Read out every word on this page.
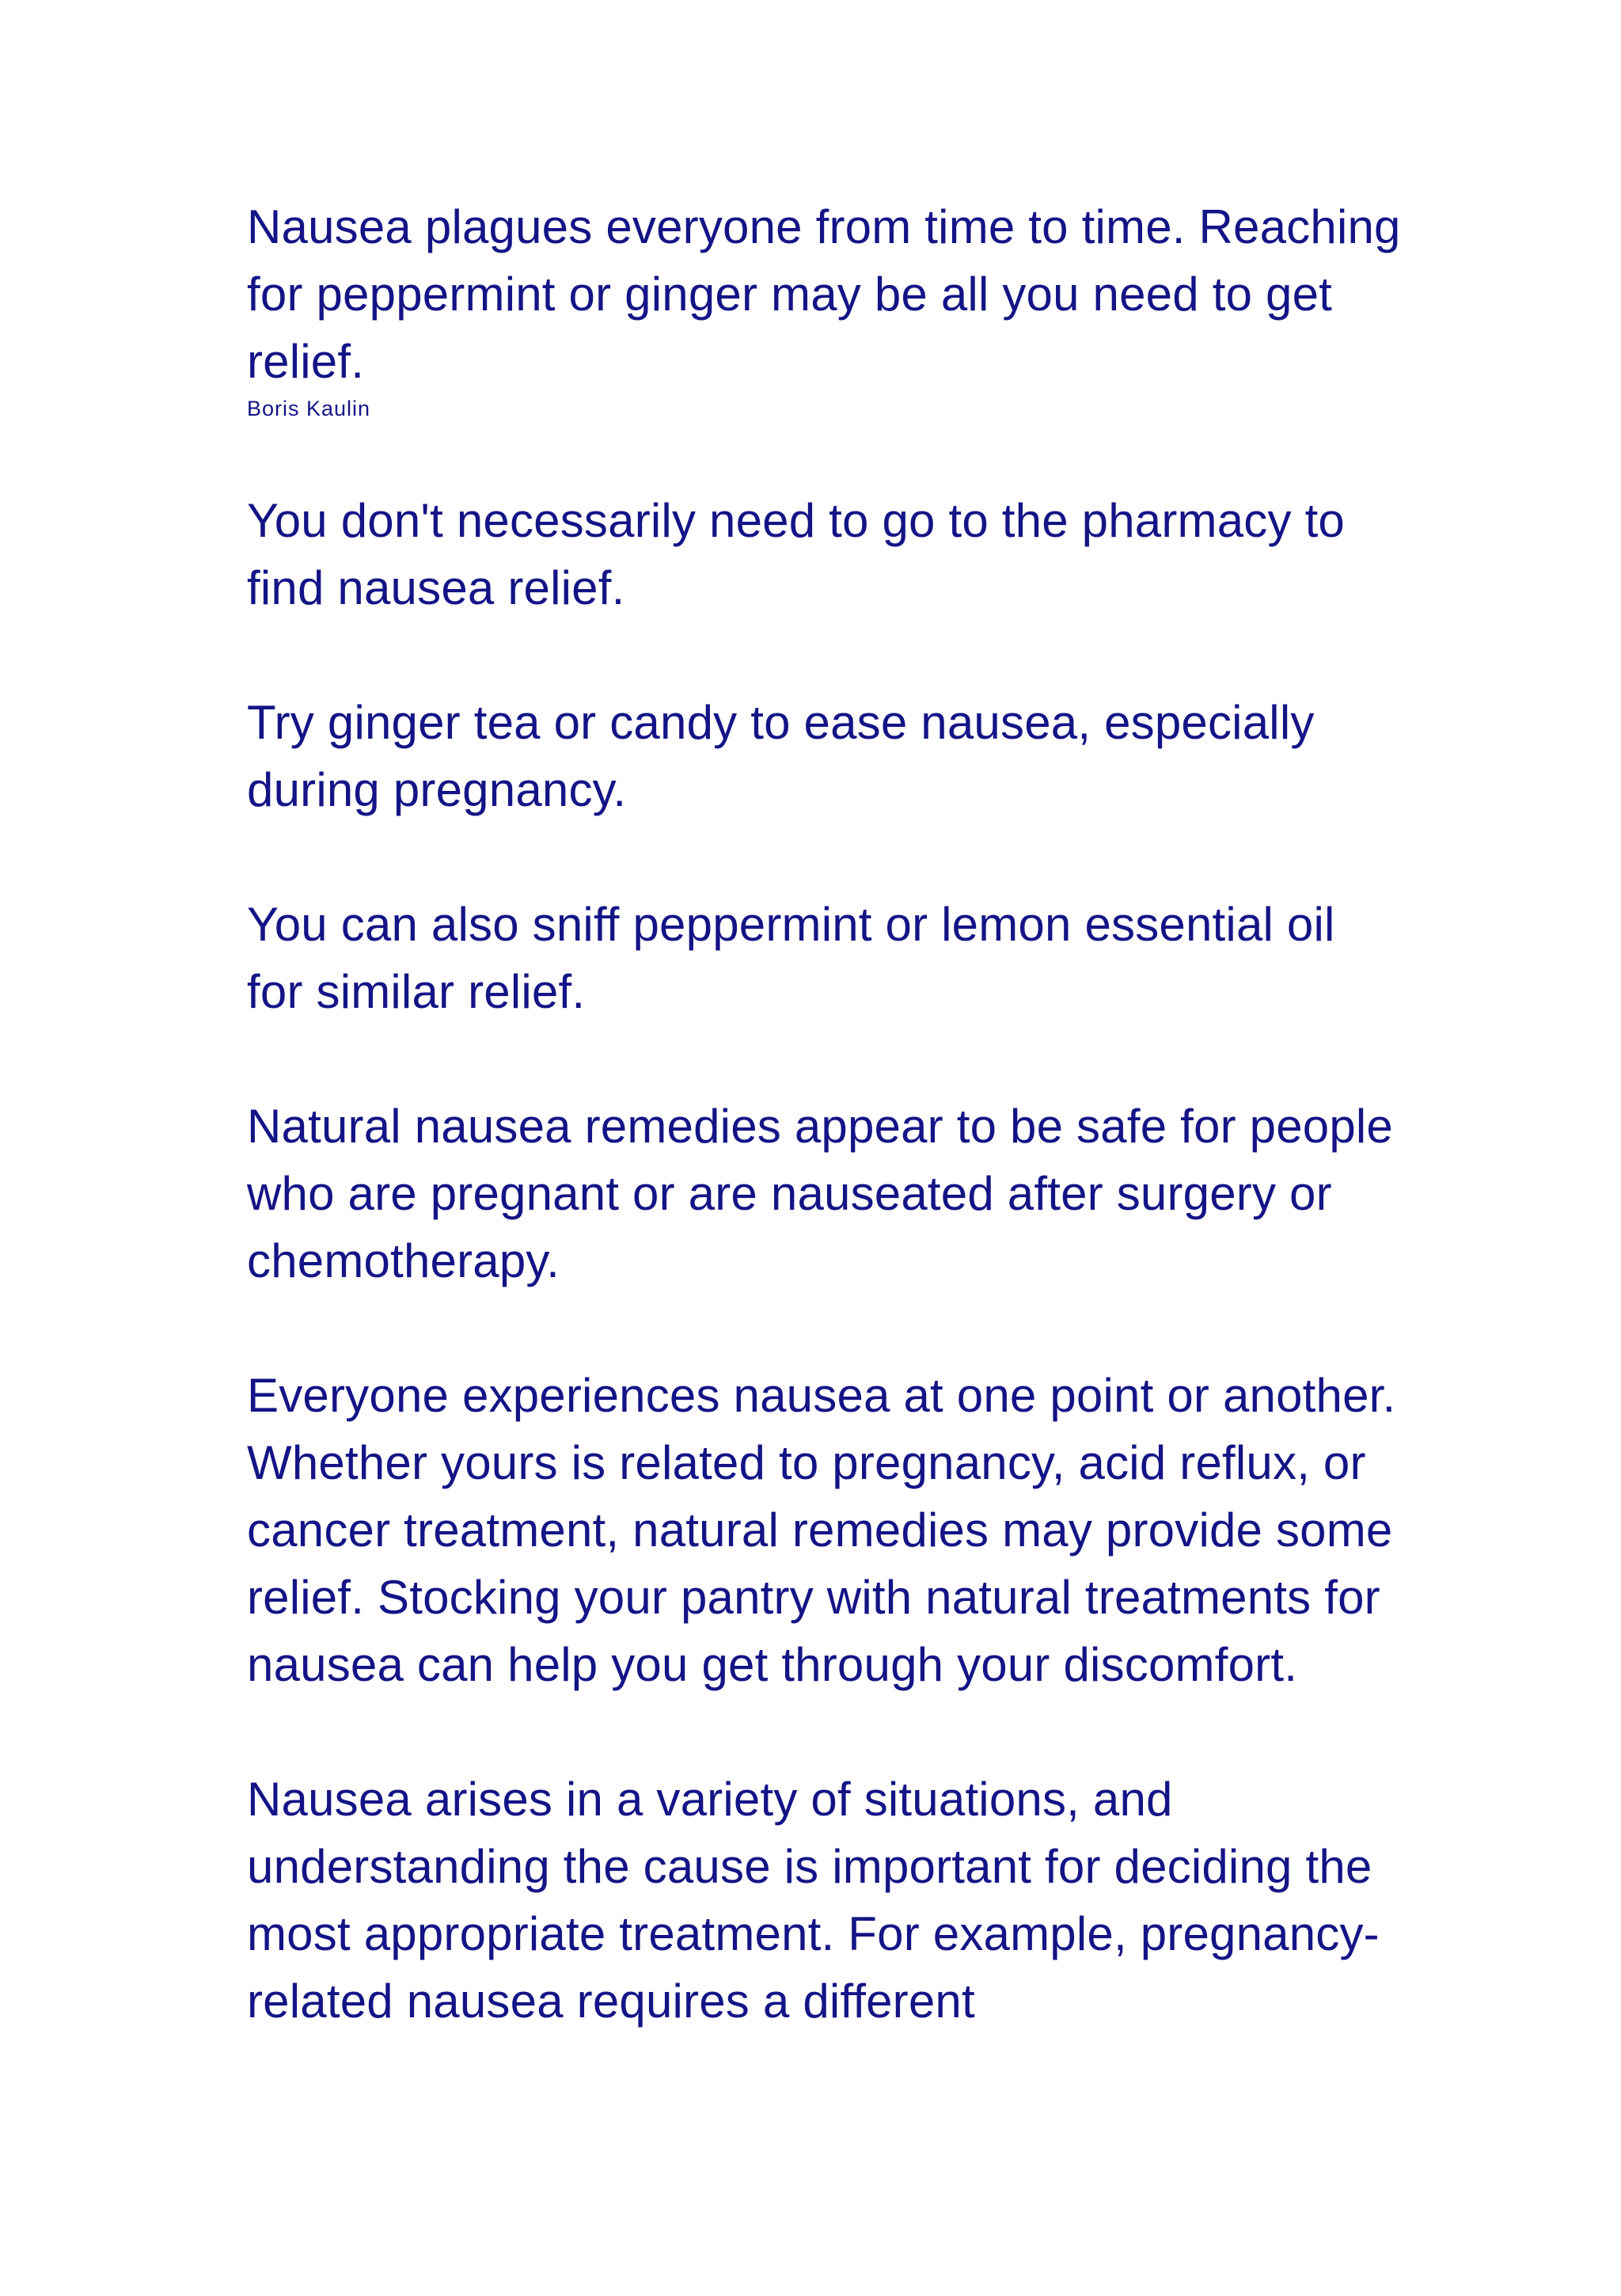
Nausea plagues everyone from time to time. Reaching for peppermint or ginger may be all you need to get relief.

Boris Kaulin

You don't necessarily need to go to the pharmacy to find nausea relief.

Try ginger tea or candy to ease nausea, especially during pregnancy.

You can also sniff peppermint or lemon essential oil for similar relief.

Natural nausea remedies appear to be safe for people who are pregnant or are nauseated after surgery or chemotherapy.

Everyone experiences nausea at one point or another. Whether yours is related to pregnancy, acid reflux, or cancer treatment, natural remedies may provide some relief. Stocking your pantry with natural treatments for nausea can help you get through your discomfort.

Nausea arises in a variety of situations, and understanding the cause is important for deciding the most appropriate treatment. For example, pregnancy-related nausea requires a different
